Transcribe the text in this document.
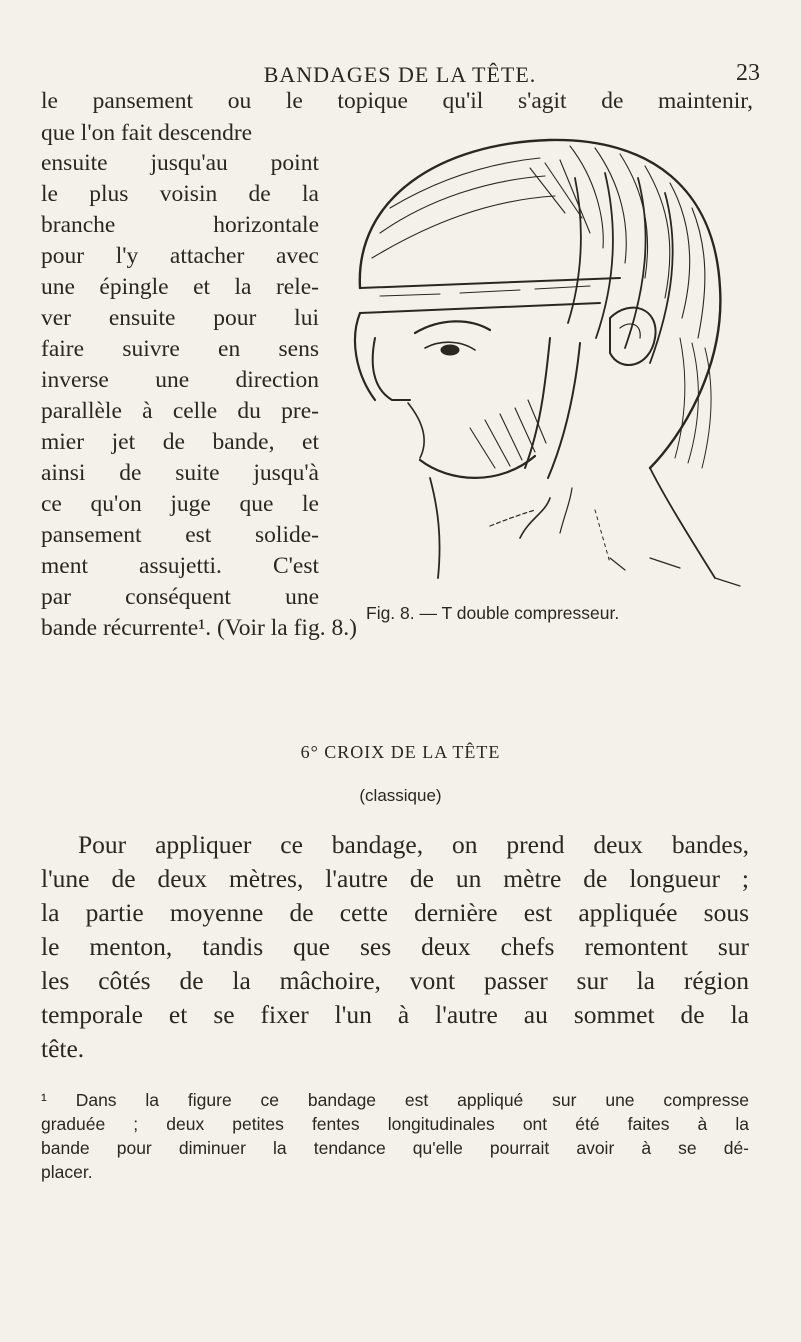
BANDAGES DE LA TÊTE.	23
le pansement ou le topique qu'il s'agit de maintenir,
que l'on fait descendre
ensuite jusqu'au point
le plus voisin de la
branche horizontale
pour l'y attacher avec
une épingle et la rele-
ver ensuite pour lui
faire suivre en sens
inverse une direction
parallèle à celle du pre-
mier jet de bande, et
ainsi de suite jusqu'à
ce qu'on juge que le
pansement est solide-
ment assujetti. C'est
par conséquent une
bande récurrente¹. (Voir la fig. 8.)
Fig. 8. — T double compresseur.
6° CROIX DE LA TÊTE
(classique)
Pour appliquer ce bandage, on prend deux bandes,
l'une de deux mètres, l'autre de un mètre de longueur ;
la partie moyenne de cette dernière est appliquée sous
le menton, tandis que ses deux chefs remontent sur
les côtés de la mâchoire, vont passer sur la région
temporale et se fixer l'un à l'autre au sommet de la
tête.
¹ Dans la figure ce bandage est appliqué sur une compresse
graduée ; deux petites fentes longitudinales ont été faites à la
bande pour diminuer la tendance qu'elle pourrait avoir à se dé-
placer.
